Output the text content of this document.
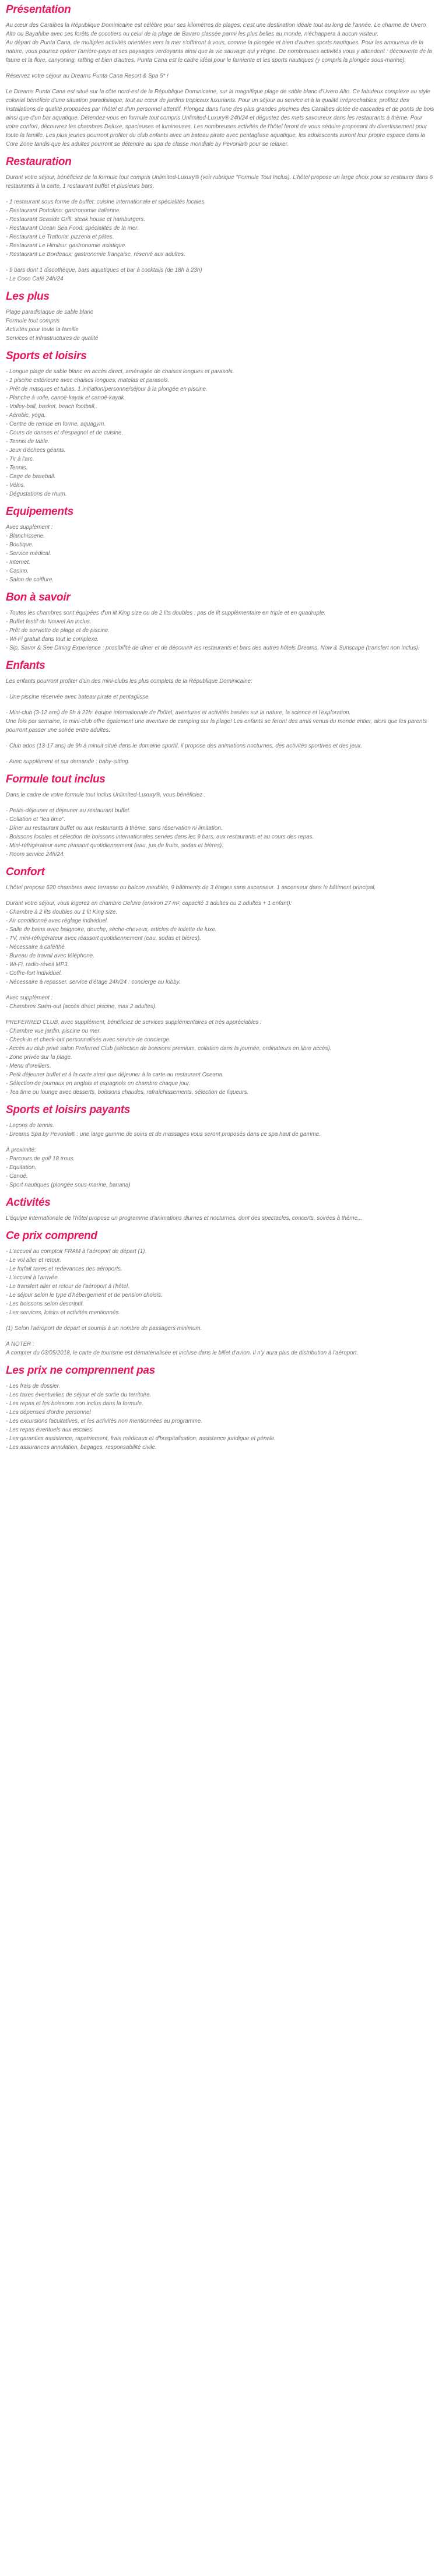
Présentation

Au cœur des Caraïbes la République Dominicaine est célèbre pour ses kilomètres de plages, c'est une destination idéale tout au long de l'année. Le charme de Uvero Alto ou Bayahibe avec ses forêts de cocotiers ou celui de la plage de Bavaro classée parmi les plus belles au monde, n'échappera à aucun visiteur.
Au départ de Punta Cana, de multiples activités orientées vers la mer s'offriront à vous, comme la plongée et bien d'autres sports nautiques. Pour les amoureux de la nature, vous pourrez opérer l'arrière-pays et ses paysages verdoyants ainsi que la vie sauvage qui y règne. De nombreuses activités vous y attendent : découverte de la faune et la flore, canyoning, rafting et bien d'autres. Punta Cana est le cadre idéal pour le farniente et les sports nautiques (y compris la plongée sous-marine).

Réservez votre séjour au Dreams Punta Cana Resort & Spa 5* !

Le Dreams Punta Cana est situé sur la côte nord-est de la République Dominicaine, sur la magnifique plage de sable blanc d'Uvero Alto. Ce fabuleux complexe au style colonial bénéficie d'une situation paradisiaque, tout au cœur de jardins tropicaux luxuriants. Pour un séjour au service et à la qualité irréprochables, profitez des installations de qualité proposées par l'hôtel et d'un personnel attentif. Plongez dans l'une des plus grandes piscines des Caraïbes dotée de cascades et de ponts de bois ainsi que d'un bar aquatique. Détendez-vous en formule tout compris Unlimited-Luxury® 24h/24 et dégustez des mets savoureux dans les restaurants à thème. Pour votre confort, découvrez les chambres Deluxe, spacieuses et lumineuses. Les nombreuses activités de l'hôtel feront de vous séduire proposant du divertissement pour toute la famille. Les plus jeunes pourront profiter du club enfants avec un bateau pirate avec pentaglisse aquatique, les adolescents auront leur propre espace dans la Core Zone tandis que les adultes pourront se détendre au spa de classe mondiale by Pevonia® pour se relaxer.

Restauration

Durant votre séjour, bénéficiez de la formule tout compris Unlimited-Luxury® (voir rubrique "Formule Tout Inclus). L'hôtel propose un large choix pour se restaurer dans 6 restaurants à la carte, 1 restaurant buffet et plusieurs bars.

- 1 restaurant sous forme de buffet: cuisine internationale et spécialités locales.
- Restaurant Portofino: gastronomie italienne.
- Restaurant Seaside Grill: steak house et hamburgers.
- Restaurant Ocean Sea Food: spécialités de la mer.
- Restaurant Le Trattoria: pizzeria et pâtes.
- Restaurant Le Himitsu: gastronomie asiatique.
- Restaurant Le Bordeaux: gastronomie française, réservé aux adultes.
- 9 bars dont 1 discothèque, bars aquatiques et bar à cocktails (de 18h à 23h)
- Le Coco Café 24h/24
Les plus
Plage paradisiaque de sable blanc
Formule tout compris
Activités pour toute la famille
Services et infrastructures de qualité
Sports et loisirs
- Longue plage de sable blanc en accès direct, aménagée de chaises longues et parasols.
- 1 piscine extérieure avec chaises longues, matelas et parasols.
- Prêt de masques et tubas, 1 initiation/personne/séjour à la plongée en piscine.
- Planche à voile, canoë-kayak et canoë-kayak
- Volley-ball, basket, beach football,.
- Aérobic, yoga.
- Centre de remise en forme, aquagym.
- Cours de danses et d'espagnol et de cuisine.
- Tennis de table.
- Jeux d'échecs géants.
- Tir à l'arc.
- Tennis.
- Cage de baseball.
- Vélos.
- Dégustations de rhum.
Equipements
Avec supplément :
- Blanchisserie.
- Boutique.
- Service médical.
- Internet.
- Casino.
- Salon de coiffure.
Bon à savoir
· Toutes les chambres sont équipées d'un lit King size ou de 2 lits doubles : pas de lit supplémentaire en triple et en quadruple.
- Buffet festif du Nouvel An inclus.
- Prêt de serviette de plage et de piscine.
- Wi-Fi gratuit dans tout le complexe.
- Sip, Savor & See Dining Experience : possibilité de dîner et de découvrir les restaurants et bars des autres hôtels Dreams, Now & Sunscape (transfert non inclus).
Enfants

Les enfants pourront profiter d'un des mini-clubs les plus complets de la République Dominicaine:

· Une piscine réservée avec bateau pirate et pentaglisse.

· Mini-club (3-12 ans) de 9h à 22h: équipe internationale de l'hôtel, aventures et activités basées sur la nature, la science et l'exploration.
Une fois par semaine, le mini-club offre également une aventure de camping sur la plage! Les enfants se feront des amis venus du monde entier, alors que les parents pourront passer une soirée entre adultes.

· Club ados (13-17 ans) de 9h à minuit situé dans le domaine sportif, il propose des animations nocturnes, des activités sportives et des jeux.

· Avec supplément et sur demande : baby-sitting.

Formule tout inclus

Dans le cadre de votre formule tout inclus Unlimited-Luxury®, vous bénéficiez :

· Petits-déjeuner et déjeuner au restaurant buffet.
· Collation et "tea time".
· Dîner au restaurant buffet ou aux restaurants à thème, sans réservation ni limitation.
· Boissons locales et sélection de boissons internationales servies dans les 9 bars, aux restaurants et au cours des repas.
· Mini-réfrigérateur avec réassort quotidiennement (eau, jus de fruits, sodas et bières).
· Room service 24h/24.
Confort

L'hôtel propose 620 chambres avec terrasse ou balcon meublés, 9 bâtiments de 3 étages sans ascenseur. 1 ascenseur dans le bâtiment principal.

Durant votre séjour, vous logerez en chambre Deluxe (environ 27 m², capacité 3 adultes ou 2 adultes + 1 enfant):
- Chambre à 2 lits doubles ou 1 lit King size.
- Air conditionné avec réglage individuel.
- Salle de bains avec baignoire, douche, sèche-cheveux, articles de toilette de luxe.
- TV, mini-réfrigérateur avec réassort quotidiennement (eau, sodas et bières).
- Nécessaire à café/thé.
- Bureau de travail avec téléphone.
- Wi-Fi, radio-réveil MP3.
- Coffre-fort individuel.
- Nécessaire à repasser, service d'étage 24h/24 : concierge au lobby.
Avec supplément :
- Chambres Swim-out (accès direct piscine, max 2 adultes).
PREFERRED CLUB, avec supplément, bénéficiez de services supplémentaires et très appréciables :
- Chambre vue jardin, piscine ou mer.
- Check-in et check-out personnalisés avec service de concierge.
- Accès au club privé salon Preferred Club (sélection de boissons premium, collation dans la journée, ordinateurs en libre accès).
- Zone privée sur la plage.
- Menu d'oreillers.
- Petit déjeuner buffet et à la carte ainsi que déjeuner à la carte au restaurant Oceana.
- Sélection de journaux en anglais et espagnols en chambre chaque jour.
- Tea time ou lounge avec desserts, boissons chaudes, rafraîchissements, sélection de liqueurs.
Sports et loisirs payants
- Leçons de tennis.
- Dreams Spa by Pevonia® : une large gamme de soins et de massages vous seront proposés dans ce spa haut de gamme.
À proximité:
- Parcours de golf 18 trous.
- Equitation.
- Canoë.
- Sport nautiques (plongée sous-marine, banana)
Activités

L'équipe internationale de l'hôtel propose un programme d'animations diurnes et nocturnes, dont des spectacles, concerts, soirées à thème...

Ce prix comprend
- L'accueil au comptoir FRAM à l'aéroport de départ (1).
- Le vol aller et retour.
- Le forfait taxes et redevances des aéroports.
- L'accueil à l'arrivée.
- Le transfert aller et retour de l'aéroport à l'hôtel.
- Le séjour selon le type d'hébergement et de pension choisis.
- Les boissons selon descriptif.
- Les services, loisirs et activités mentionnés.

(1) Selon l'aéroport de départ et soumis à un nombre de passagers minimum.

A NOTER :
A compter du 03/05/2018, le carte de tourisme est dématérialisée et incluse dans le billet d'avion. Il n'y aura plus de distribution à l'aéroport.

Les prix ne comprennent pas
- Les frais de dossier.
- Les taxes éventuelles de séjour et de sortie du territoire.
- Les repas et les boissons non inclus dans la formule.
- Les dépenses d'ordre personnel
- Les excursions facultatives, et les activités non mentionnées au programme.
- Les repas éventuels aux escales.
- Les garanties assistance, rapatriement, frais médicaux et d'hospitalisation, assistance juridique et pénale.
- Les assurances annulation, bagages, responsabilité civile.
